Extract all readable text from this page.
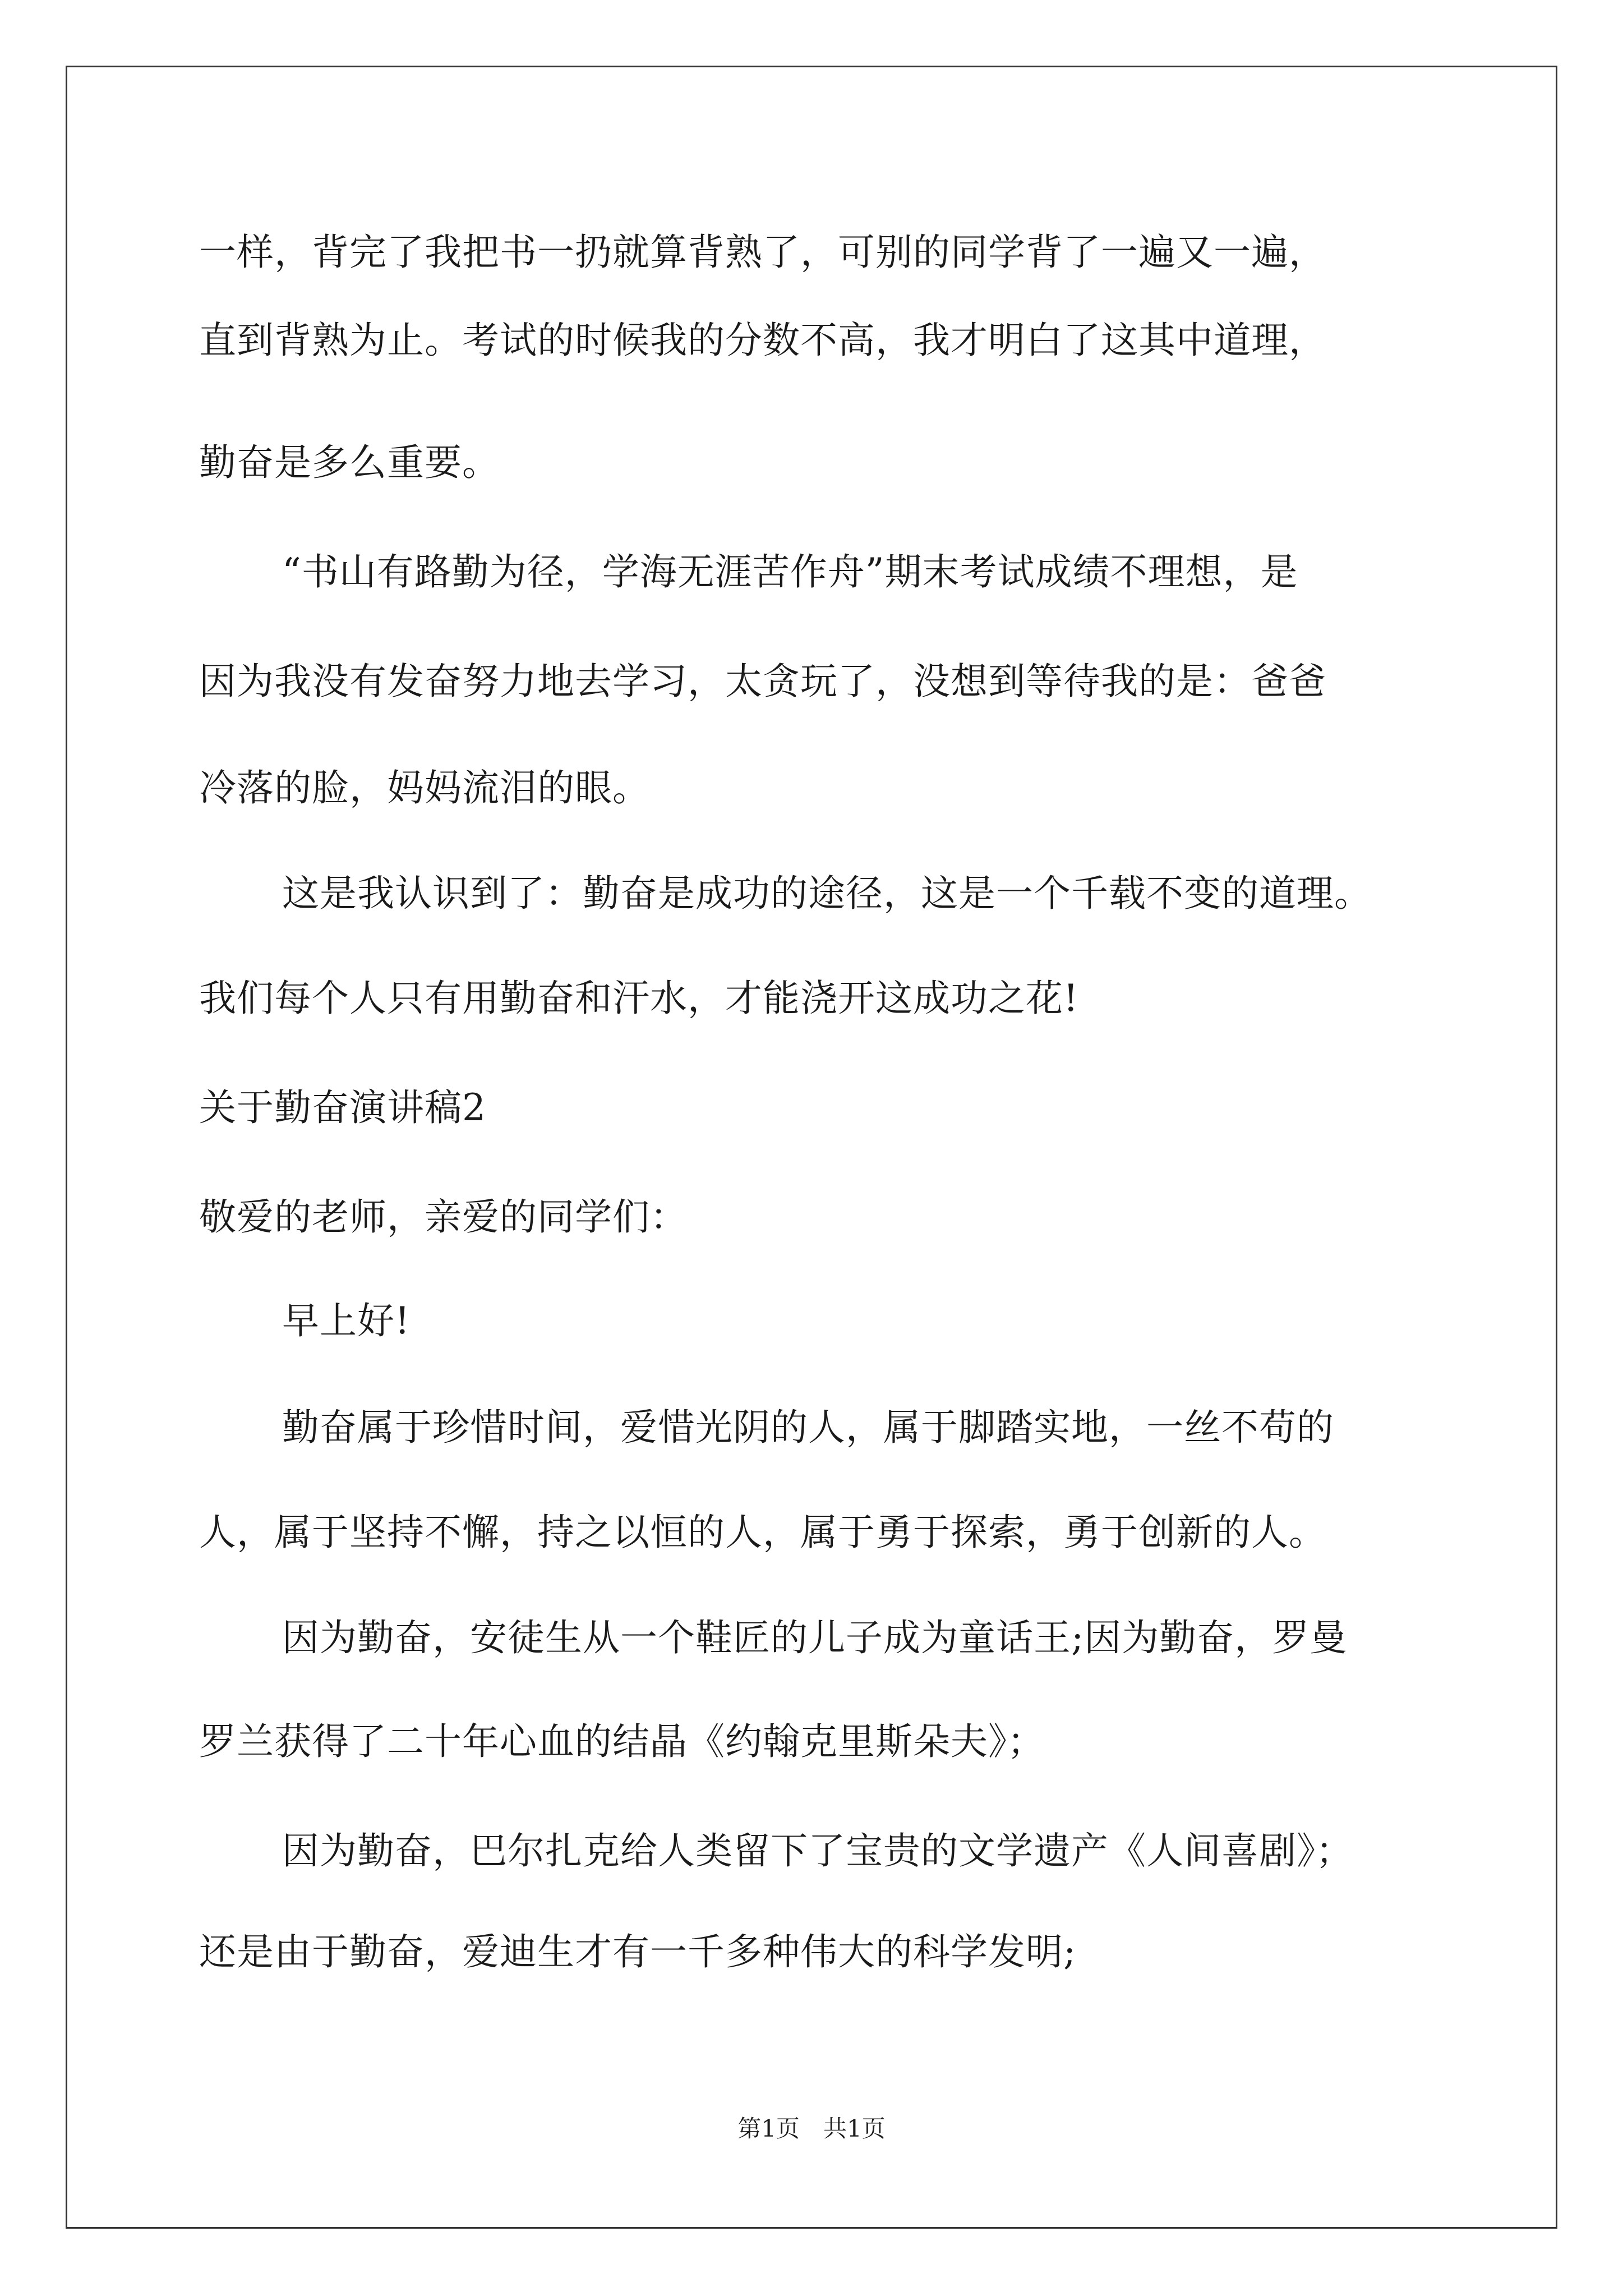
一样，背完了我把书一扔就算背熟了，可别的同学背了一遍又一遍，
直到背熟为止。考试的时候我的分数不高，我才明白了这其中道理，
勤奋是多么重要。
“书山有路勤为径，学海无涯苦作舟”期末考试成绩不理想，是
因为我没有发奋努力地去学习，太贪玩了，没想到等待我的是：爸爸
冷落的脸，妈妈流泪的眼。
这是我认识到了：勤奋是成功的途径，这是一个千载不变的道理。
我们每个人只有用勤奋和汗水，才能浇开这成功之花!
关于勤奋演讲稿2
敬爱的老师，亲爱的同学们：
早上好!
勤奋属于珍惜时间，爱惜光阴的人，属于脚踏实地，一丝不苟的
人，属于坚持不懈，持之以恒的人，属于勇于探索，勇于创新的人。
因为勤奋，安徒生从一个鞋匠的儿子成为童话王;因为勤奋，罗曼
罗兰获得了二十年心血的结晶《约翰克里斯朵夫》；
因为勤奋，巴尔扎克给人类留下了宝贵的文学遗产《人间喜剧》；
还是由于勤奋，爱迪生才有一千多种伟大的科学发明;
第1页　共1页
